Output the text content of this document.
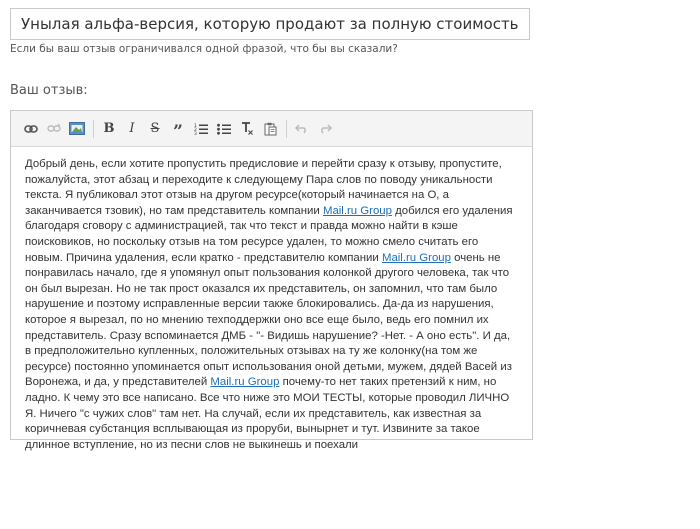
Унылая альфа-версия, которую продают за полную стоимость
Если бы ваш отзыв ограничивался одной фразой, что бы вы сказали?
Ваш отзыв:
B I S ” 1
2
3
Добрый день, если хотите пропустить предисловие и перейти сразу к отзыву, пропустите, пожалуйста, этот абзац и переходите к следующему Пара слов по поводу уникальности текста. Я публиковал этот отзыв на другом ресурсе(который начинается на О, а заканчивается тзовик), но там представитель компании Mail.ru Group добился его удаления благодаря сговору с администрацией, так что текст и правда можно найти в кэше поисковиков, но поскольку отзыв на том ресурсе удален, то можно смело считать его новым. Причина удаления, если кратко - представителю компании Mail.ru Group очень не понравилась начало, где я упомянул опыт пользования колонкой другого человека, так что он был вырезан. Но не так прост оказался их представитель, он запомнил, что там было нарушение и поэтому исправленные версии также блокировались. Да-да из нарушения, которое я вырезал, по но мнению техподдержки оно все еще было, ведь его помнил их представитель. Сразу вспоминается ДМБ - "- Видишь нарушение? -Нет. - А оно есть". И да, в предположительно купленных, положительных отзывах на ту же колонку(на том же ресурсе) постоянно упоминается опыт использования оной детьми, мужем, дядей Васей из Воронежа, и да, у представителей Mail.ru Group почему-то нет таких претензий к ним, но ладно. К чему это все написано. Все что ниже это МОИ ТЕСТЫ, которые проводил ЛИЧНО Я. Ничего "с чужих слов" там нет. На случай, если их представитель, как известная за коричневая субстанция всплывающая из проруби, вынырнет и тут. Извините за такое длинное вступление, но из песни слов не выкинешь и поехали
